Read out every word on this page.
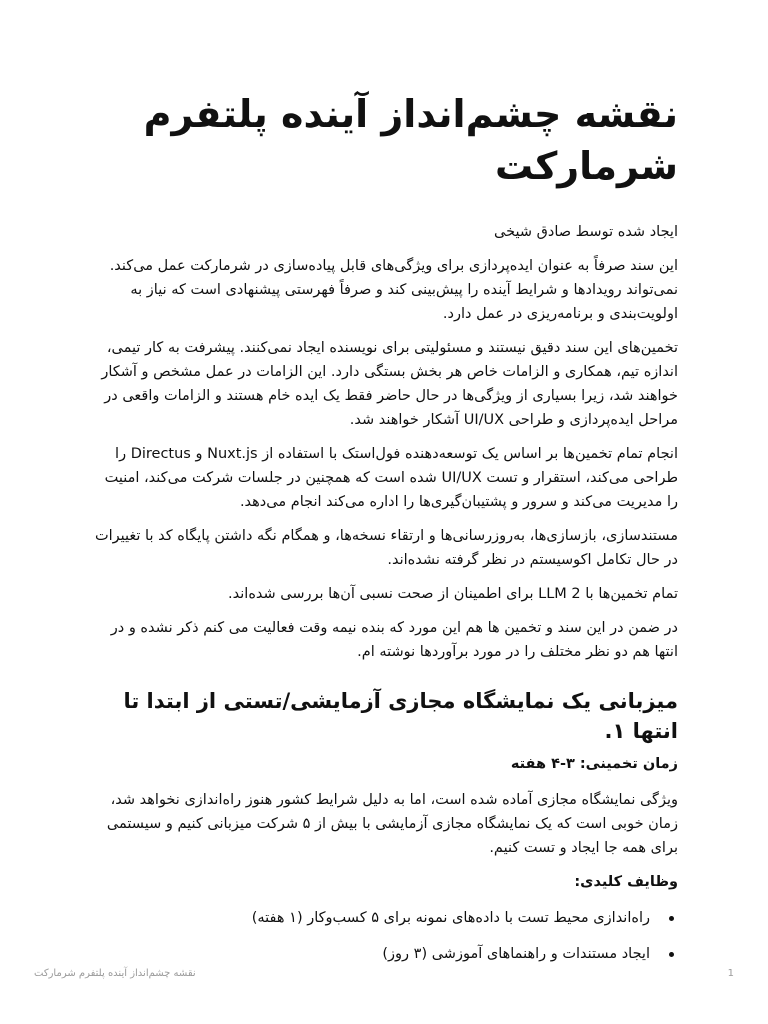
نقشه چشم‌انداز آینده پلتفرم شرمارکت

ایجاد شده توسط صادق شیخی

این سند صرفاً به عنوان ایده‌پردازی برای ویژگی‌های قابل پیاده‌سازی در شرمارکت عمل می‌کند. نمی‌تواند رویدادها و شرایط آینده را پیش‌بینی کند و صرفاً فهرستی پیشنهادی است که نیاز به اولویت‌بندی و برنامه‌ریزی در عمل دارد.

تخمین‌های این سند دقیق نیستند و مسئولیتی برای نویسنده ایجاد نمی‌کنند. پیشرفت به کار تیمی، اندازه تیم، همکاری و الزامات خاص هر بخش بستگی دارد. این الزامات در عمل مشخص و آشکار خواهند شد، زیرا بسیاری از ویژگی‌ها در حال حاضر فقط یک ایده خام هستند و الزامات واقعی در مراحل ایده‌پردازی و طراحی UI/UX آشکار خواهند شد.

انجام تمام تخمین‌ها بر اساس یک توسعه‌دهنده فول‌استک با استفاده از Nuxt.js و Directus را طراحی می‌کند، استقرار و تست UI/UX شده است که همچنین در جلسات شرکت می‌کند، امنیت را مدیریت می‌کند و سرور و پشتیبان‌گیری‌ها را اداره می‌کند انجام می‌دهد.

مستندسازی، بازسازی‌ها، به‌روزرسانی‌ها و ارتقاء نسخه‌ها، و همگام نگه داشتن پایگاه کد با تغییرات در حال تکامل اکوسیستم در نظر گرفته نشده‌اند.

تمام تخمین‌ها با 2 LLM برای اطمینان از صحت نسبی آن‌ها بررسی شده‌اند.

در ضمن در این سند و تخمین ها هم این مورد که بنده نیمه وقت فعالیت می کنم ذکر نشده و در انتها هم دو نظر مختلف را در مورد برآوردها نوشته ام.

میزبانی یک نمایشگاه مجازی آزمایشی/تستی از ابتدا تا انتها ۱.

زمان تخمینی: ۳-۴ هفته

ویژگی نمایشگاه مجازی آماده شده است، اما به دلیل شرایط کشور هنوز راه‌اندازی نخواهد شد، زمان خوبی است که یک نمایشگاه مجازی آزمایشی با بیش از ۵ شرکت میزبانی کنیم و سیستمی برای همه جا ایجاد و تست کنیم.

وظایف کلیدی:

راه‌اندازی محیط تست با داده‌های نمونه برای ۵ کسب‌وکار (۱ هفته)
ایجاد مستندات و راهنماهای آموزشی (۳ روز)
نقشه چشم‌انداز آینده پلتفرم شرمارکت	1
